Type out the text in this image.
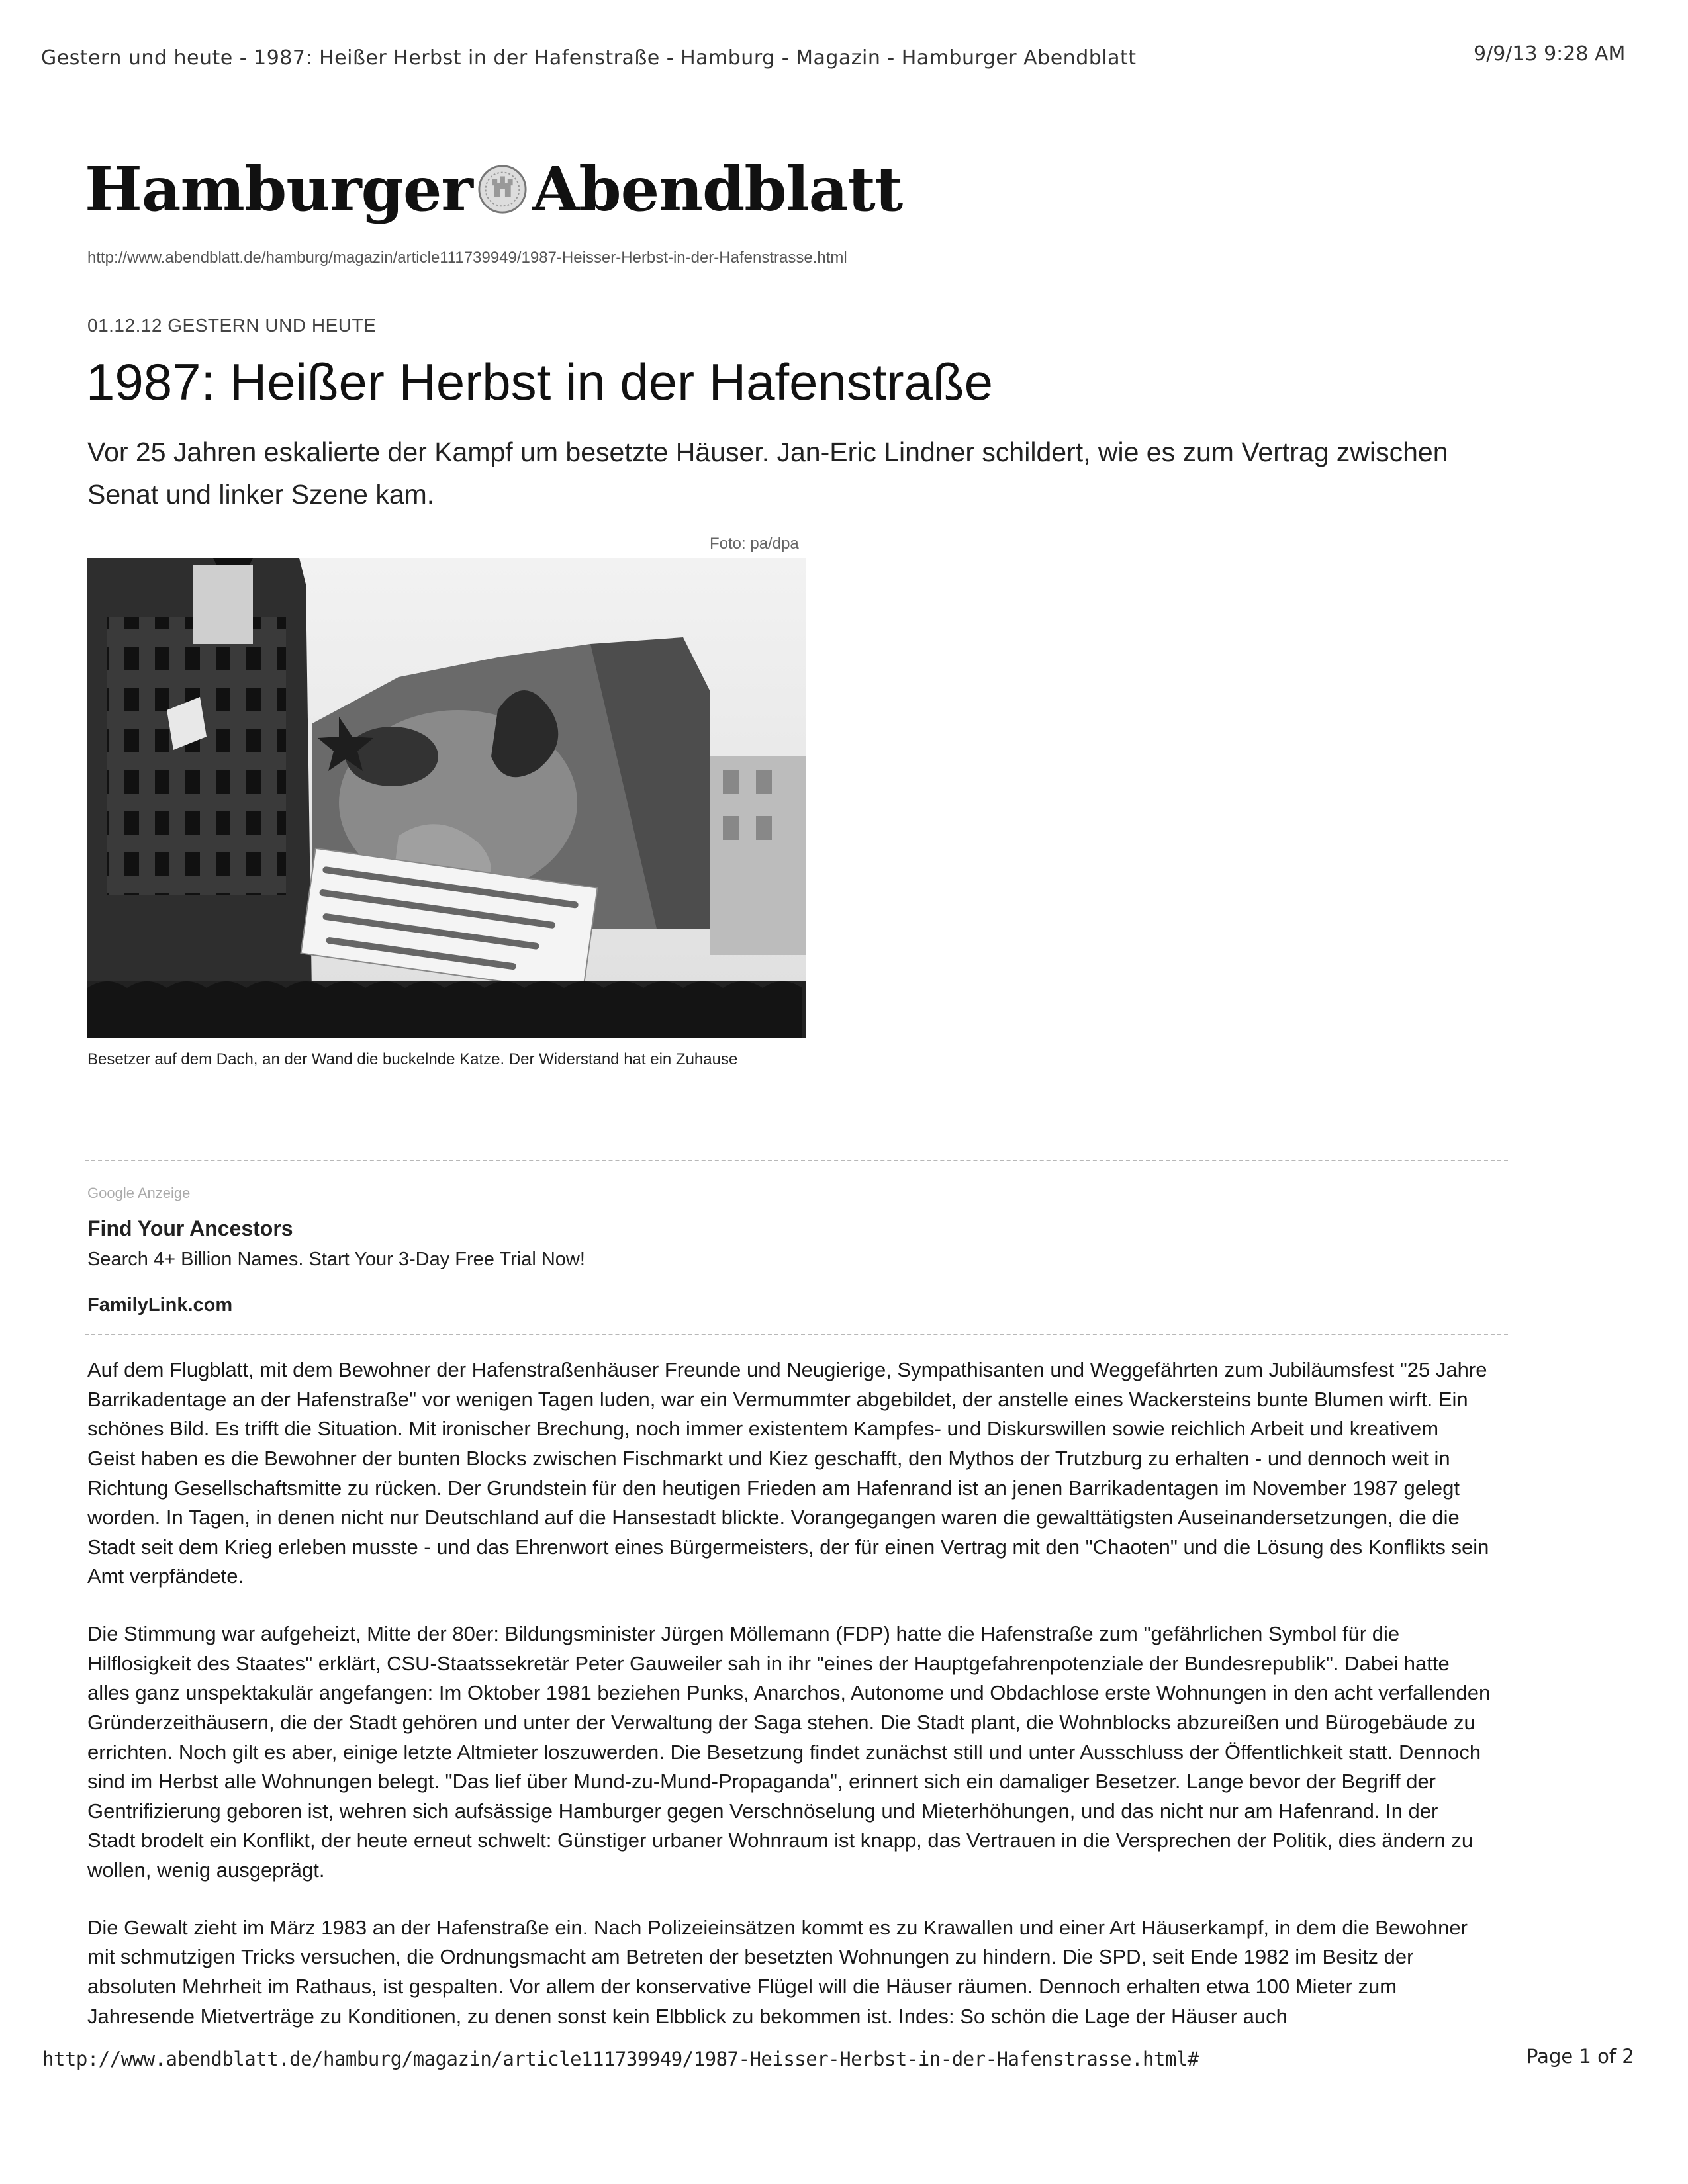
Gestern und heute - 1987: Heißer Herbst in der Hafenstraße - Hamburg - Magazin - Hamburger Abendblatt	9/9/13 9:28 AM
Hamburger Abendblatt
http://www.abendblatt.de/hamburg/magazin/article111739949/1987-Heisser-Herbst-in-der-Hafenstrasse.html
01.12.12 GESTERN UND HEUTE
1987: Heißer Herbst in der Hafenstraße

Vor 25 Jahren eskalierte der Kampf um besetzte Häuser. Jan-Eric Lindner schildert, wie es zum Vertrag zwischen Senat und linker Szene kam.

Foto: pa/dpa
Besetzer auf dem Dach, an der Wand die buckelnde Katze. Der Widerstand hat ein Zuhause
Google Anzeige
Find Your Ancestors
Search 4+ Billion Names. Start Your 3-Day Free Trial Now!
FamilyLink.com

Auf dem Flugblatt, mit dem Bewohner der Hafenstraßenhäuser Freunde und Neugierige, Sympathisanten und Weggefährten zum Jubiläumsfest "25 Jahre Barrikadentage an der Hafenstraße" vor wenigen Tagen luden, war ein Vermummter abgebildet, der anstelle eines Wackersteins bunte Blumen wirft. Ein schönes Bild. Es trifft die Situation. Mit ironischer Brechung, noch immer existentem Kampfes- und Diskurswillen sowie reichlich Arbeit und kreativem Geist haben es die Bewohner der bunten Blocks zwischen Fischmarkt und Kiez geschafft, den Mythos der Trutzburg zu erhalten - und dennoch weit in Richtung Gesellschaftsmitte zu rücken. Der Grundstein für den heutigen Frieden am Hafenrand ist an jenen Barrikadentagen im November 1987 gelegt worden. In Tagen, in denen nicht nur Deutschland auf die Hansestadt blickte. Vorangegangen waren die gewalttätigsten Auseinandersetzungen, die die Stadt seit dem Krieg erleben musste - und das Ehrenwort eines Bürgermeisters, der für einen Vertrag mit den "Chaoten" und die Lösung des Konflikts sein Amt verpfändete.

Die Stimmung war aufgeheizt, Mitte der 80er: Bildungsminister Jürgen Möllemann (FDP) hatte die Hafenstraße zum "gefährlichen Symbol für die Hilflosigkeit des Staates" erklärt, CSU-Staatssekretär Peter Gauweiler sah in ihr "eines der Hauptgefahrenpotenziale der Bundesrepublik". Dabei hatte alles ganz unspektakulär angefangen: Im Oktober 1981 beziehen Punks, Anarchos, Autonome und Obdachlose erste Wohnungen in den acht verfallenden Gründerzeithäusern, die der Stadt gehören und unter der Verwaltung der Saga stehen. Die Stadt plant, die Wohnblocks abzureißen und Bürogebäude zu errichten. Noch gilt es aber, einige letzte Altmieter loszuwerden. Die Besetzung findet zunächst still und unter Ausschluss der Öffentlichkeit statt. Dennoch sind im Herbst alle Wohnungen belegt. "Das lief über Mund-zu-Mund-Propaganda", erinnert sich ein damaliger Besetzer. Lange bevor der Begriff der Gentrifizierung geboren ist, wehren sich aufsässige Hamburger gegen Verschnöselung und Mieterhöhungen, und das nicht nur am Hafenrand. In der Stadt brodelt ein Konflikt, der heute erneut schwelt: Günstiger urbaner Wohnraum ist knapp, das Vertrauen in die Versprechen der Politik, dies ändern zu wollen, wenig ausgeprägt.

Die Gewalt zieht im März 1983 an der Hafenstraße ein. Nach Polizeieinsätzen kommt es zu Krawallen und einer Art Häuserkampf, in dem die Bewohner mit schmutzigen Tricks versuchen, die Ordnungsmacht am Betreten der besetzten Wohnungen zu hindern. Die SPD, seit Ende 1982 im Besitz der absoluten Mehrheit im Rathaus, ist gespalten. Vor allem der konservative Flügel will die Häuser räumen. Dennoch erhalten etwa 100 Mieter zum Jahresende Mietverträge zu Konditionen, zu denen sonst kein Elbblick zu bekommen ist. Indes: So schön die Lage der Häuser auch

http://www.abendblatt.de/hamburg/magazin/article111739949/1987-Heisser-Herbst-in-der-Hafenstrasse.html#	Page 1 of 2
